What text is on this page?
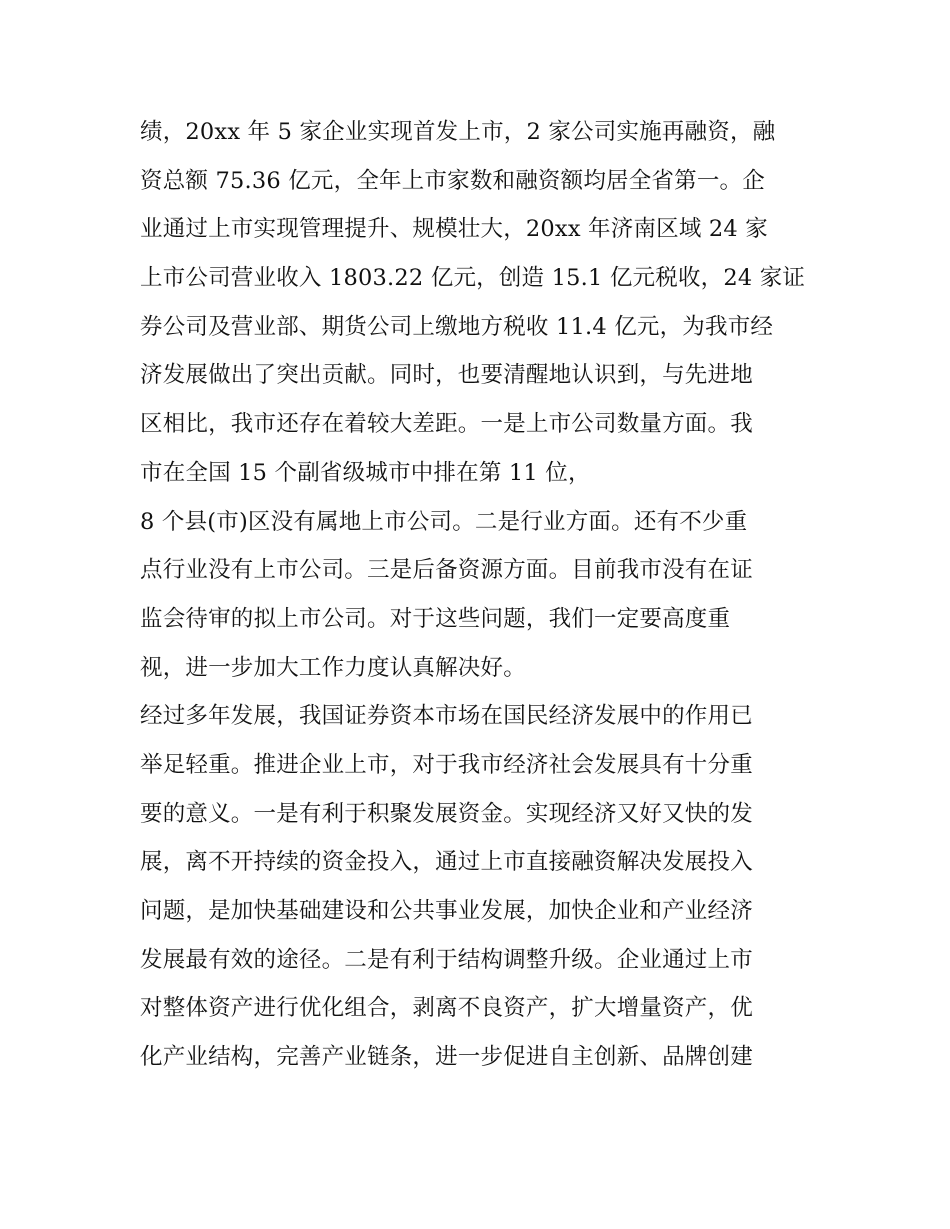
绩，20xx 年 5 家企业实现首发上市，2 家公司实施再融资，融
资总额 75.36 亿元，全年上市家数和融资额均居全省第一。企
业通过上市实现管理提升、规模壮大，20xx 年济南区域 24 家
上市公司营业收入 1803.22 亿元，创造 15.1 亿元税收，24 家证
券公司及营业部、期货公司上缴地方税收 11.4 亿元，为我市经
济发展做出了突出贡献。同时，也要清醒地认识到，与先进地
区相比，我市还存在着较大差距。一是上市公司数量方面。我
市在全国 15 个副省级城市中排在第 11 位，
8 个县(市)区没有属地上市公司。二是行业方面。还有不少重
点行业没有上市公司。三是后备资源方面。目前我市没有在证
监会待审的拟上市公司。对于这些问题，我们一定要高度重
视，进一步加大工作力度认真解决好。
经过多年发展，我国证券资本市场在国民经济发展中的作用已
举足轻重。推进企业上市，对于我市经济社会发展具有十分重
要的意义。一是有利于积聚发展资金。实现经济又好又快的发
展，离不开持续的资金投入，通过上市直接融资解决发展投入
问题，是加快基础建设和公共事业发展，加快企业和产业经济
发展最有效的途径。二是有利于结构调整升级。企业通过上市
对整体资产进行优化组合，剥离不良资产，扩大增量资产，优
化产业结构，完善产业链条，进一步促进自主创新、品牌创建
